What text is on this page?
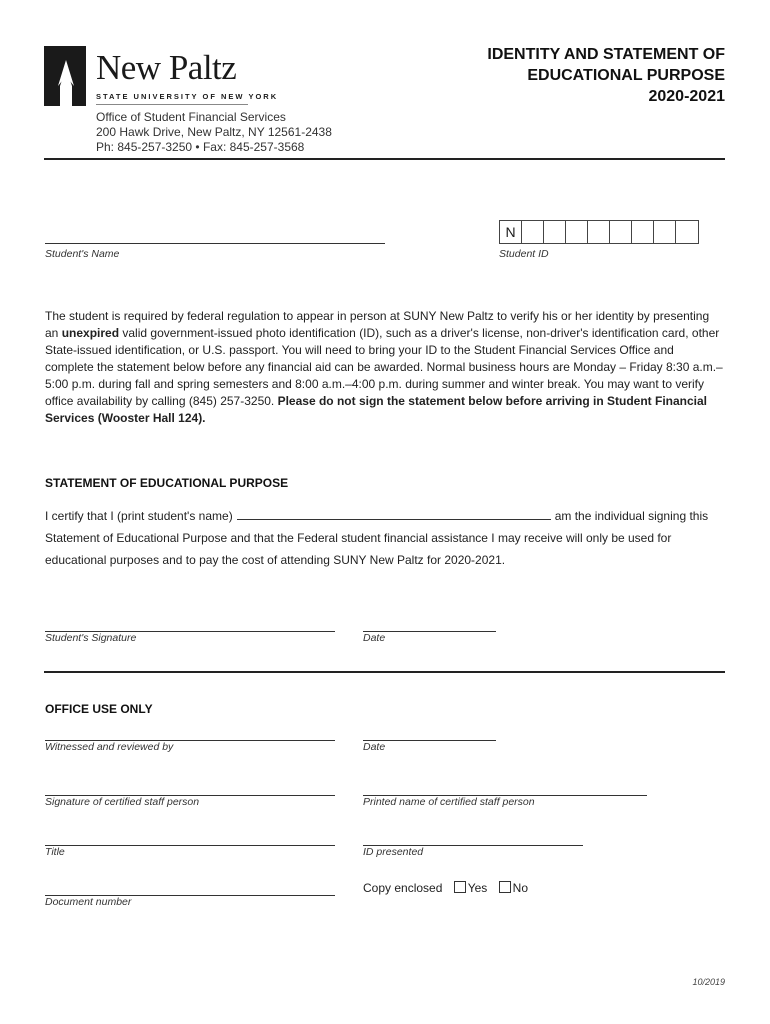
New Paltz
STATE UNIVERSITY OF NEW YORK
Office of Student Financial Services
200 Hawk Drive, New Paltz, NY 12561-2438
Ph: 845-257-3250 • Fax: 845-257-3568
IDENTITY AND STATEMENT OF
EDUCATIONAL PURPOSE
2020-2021
Student's Name
N
Student ID
The student is required by federal regulation to appear in person at SUNY New Paltz to verify his or her identity by presenting an unexpired valid government-issued photo identification (ID), such as a driver's license, non-driver's identification card, other State-issued identification, or U.S. passport. You will need to bring your ID to the Student Financial Services Office and complete the statement below before any financial aid can be awarded. Normal business hours are Monday – Friday 8:30 a.m.–5:00 p.m. during fall and spring semesters and 8:00 a.m.–4:00 p.m. during summer and winter break. You may want to verify office availability by calling (845) 257-3250. Please do not sign the statement below before arriving in Student Financial Services (Wooster Hall 124).
STATEMENT OF EDUCATIONAL PURPOSE
I certify that I (print student's name)	am the individual signing this Statement of Educational Purpose and that the Federal student financial assistance I may receive will only be used for educational purposes and to pay the cost of attending SUNY New Paltz for 2020-2021.
Student's Signature	Date
OFFICE USE ONLY
Witnessed and reviewed by	Date
Signature of certified staff person	Printed name of certified staff person
Title	ID presented
Document number
Copy enclosed Yes No
10/2019
